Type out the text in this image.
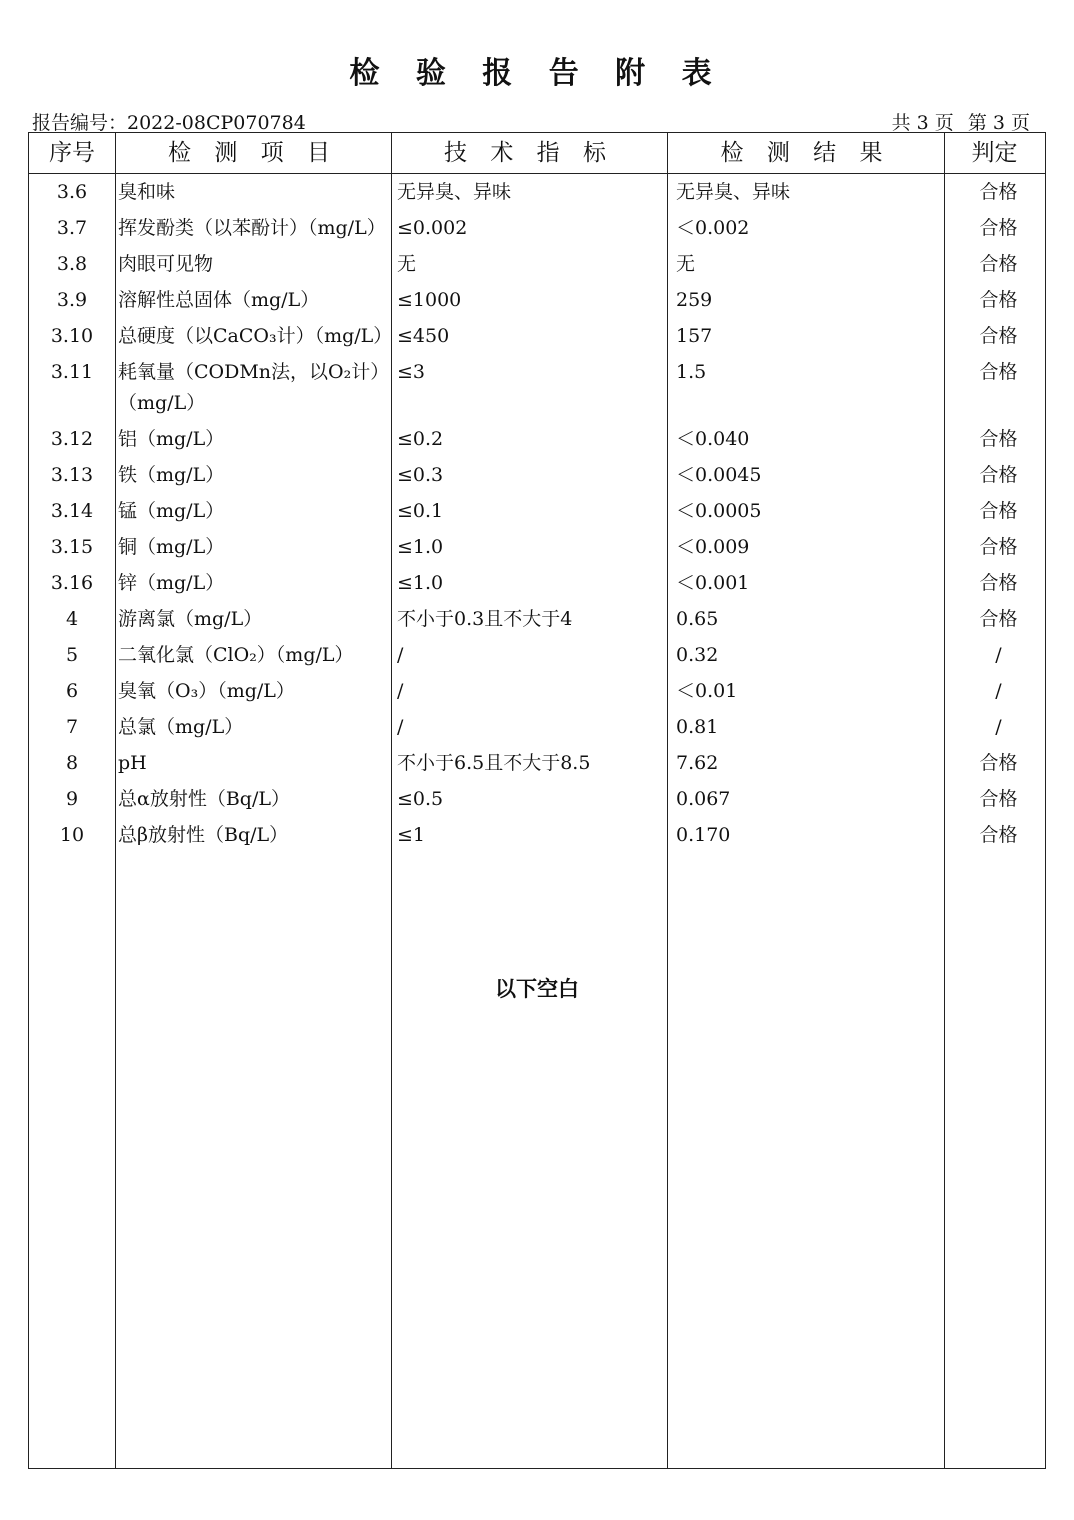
检 验 报 告 附 表
报告编号：2022-08CP070784	共 3 页 第 3 页
序号	检 测 项 目	技 术 指 标	检 测 结 果	判定
3.6	臭和味	无异臭、异味	无异臭、异味	合格
3.7	挥发酚类（以苯酚计）（mg/L）	≤0.002	＜0.002	合格
3.8	肉眼可见物	无	无	合格
3.9	溶解性总固体（mg/L）	≤1000	259	合格
3.10	总硬度（以CaCO₃计）（mg/L）	≤450	157	合格
3.11	耗氧量（CODMn法，以O₂计）（mg/L）	≤3	1.5	合格
3.12	铝（mg/L）	≤0.2	＜0.040	合格
3.13	铁（mg/L）	≤0.3	＜0.0045	合格
3.14	锰（mg/L）	≤0.1	＜0.0005	合格
3.15	铜（mg/L）	≤1.0	＜0.009	合格
3.16	锌（mg/L）	≤1.0	＜0.001	合格
4	游离氯（mg/L）	不小于0.3且不大于4	0.65	合格
5	二氧化氯（ClO₂）（mg/L）	/	0.32	/
6	臭氧（O₃）（mg/L）	/	＜0.01	/
7	总氯（mg/L）	/	0.81	/
8	pH	不小于6.5且不大于8.5	7.62	合格
9	总α放射性（Bq/L）	≤0.5	0.067	合格
10	总β放射性（Bq/L）	≤1	0.170	合格
以下空白
